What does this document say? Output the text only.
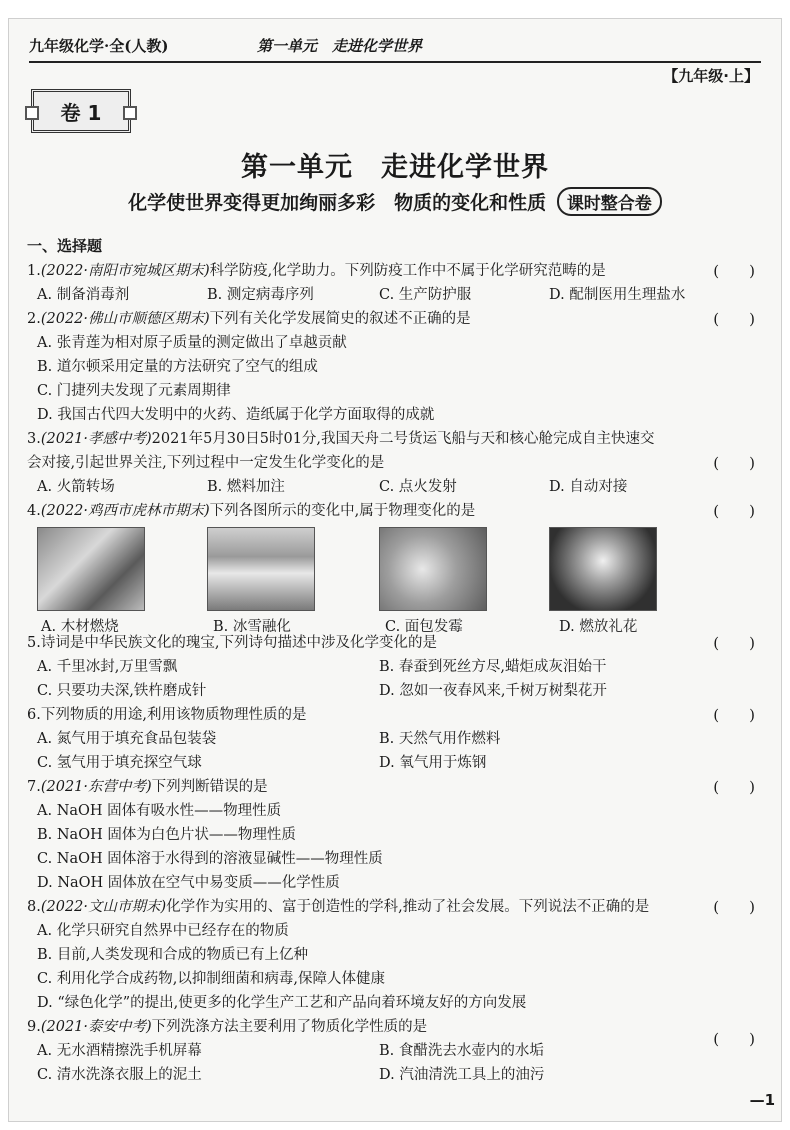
九年级化学·全(人教)	第一单元　走进化学世界
【九年级·上】
卷 1
第一单元　走进化学世界
化学使世界变得更加绚丽多彩　物质的变化和性质 课时整合卷
一、选择题
1.(2022·南阳市宛城区期末)科学防疫,化学助力。下列防疫工作中不属于化学研究范畴的是	(　　)
A. 制备消毒剂	B. 测定病毒序列	C. 生产防护服	D. 配制医用生理盐水
2.(2022·佛山市顺德区期末)下列有关化学发展简史的叙述不正确的是	(　　)
A. 张青莲为相对原子质量的测定做出了卓越贡献
B. 道尔顿采用定量的方法研究了空气的组成
C. 门捷列夫发现了元素周期律
D. 我国古代四大发明中的火药、造纸属于化学方面取得的成就
3.(2021·孝感中考)2021年5月30日5时01分,我国天舟二号货运飞船与天和核心舱完成自主快速交
会对接,引起世界关注,下列过程中一定发生化学变化的是	(　　)
A. 火箭转场	B. 燃料加注	C. 点火发射	D. 自动对接
4.(2022·鸡西市虎林市期末)下列各图所示的变化中,属于物理变化的是	(　　)
A. 木材燃烧	B. 冰雪融化	C. 面包发霉	D. 燃放礼花
5.诗词是中华民族文化的瑰宝,下列诗句描述中涉及化学变化的是	(　　)
A. 千里冰封,万里雪飘	B. 春蚕到死丝方尽,蜡炬成灰泪始干
C. 只要功夫深,铁杵磨成针	D. 忽如一夜春风来,千树万树梨花开
6.下列物质的用途,利用该物质物理性质的是	(　　)
A. 氮气用于填充食品包装袋	B. 天然气用作燃料
C. 氢气用于填充探空气球	D. 氧气用于炼钢
7.(2021·东营中考)下列判断错误的是	(　　)
A. NaOH 固体有吸水性——物理性质
B. NaOH 固体为白色片状——物理性质
C. NaOH 固体溶于水得到的溶液显碱性——物理性质
D. NaOH 固体放在空气中易变质——化学性质
8.(2022·文山市期末)化学作为实用的、富于创造性的学科,推动了社会发展。下列说法不正确的是	(　　)
A. 化学只研究自然界中已经存在的物质
B. 目前,人类发现和合成的物质已有上亿种
C. 利用化学合成药物,以抑制细菌和病毒,保障人体健康
D. “绿色化学”的提出,使更多的化学生产工艺和产品向着环境友好的方向发展
9.(2021·泰安中考)下列洗涤方法主要利用了物质化学性质的是
(　　)
A. 无水酒精擦洗手机屏幕	B. 食醋洗去水壶内的水垢
C. 清水洗涤衣服上的泥土	D. 汽油清洗工具上的油污
—1
